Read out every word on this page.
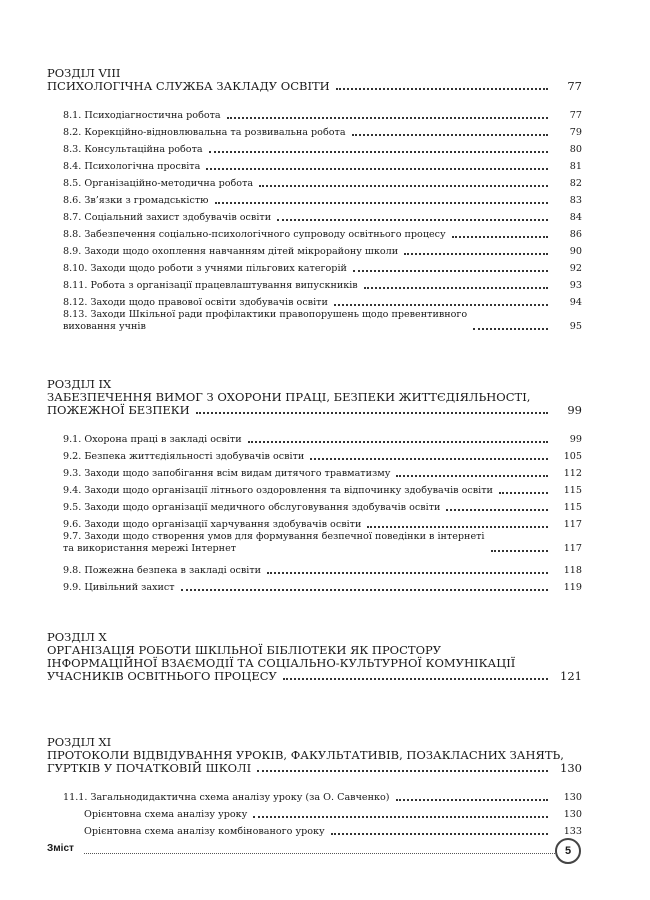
РОЗДІЛ VIII
ПСИХОЛОГІЧНА СЛУЖБА ЗАКЛАДУ ОСВІТИ	77
8.1. Психодіагностична робота	77
8.2. Корекційно-відновлювальна та розвивальна робота	79
8.3. Консультаційна робота	80
8.4. Психологічна просвіта	81
8.5. Організаційно-методична робота	82
8.6. Зв’язки з громадськістю	83
8.7. Соціальний захист здобувачів освіти	84
8.8. Забезпечення соціально-психологічного супроводу освітнього процесу	86
8.9. Заходи щодо охоплення навчанням дітей мікрорайону школи	90
8.10. Заходи щодо роботи з учнями пільгових категорій	92
8.11. Робота з організації працевлаштування випускників	93
8.12. Заходи щодо правової освіти здобувачів освіти	94
8.13. Заходи Шкільної ради профілактики правопорушень щодо превентивного
виховання учнів	95
РОЗДІЛ IX
ЗАБЕЗПЕЧЕННЯ ВИМОГ З ОХОРОНИ ПРАЦІ, БЕЗПЕКИ ЖИТТЄДІЯЛЬНОСТІ,
ПОЖЕЖНОЇ БЕЗПЕКИ	99
9.1. Охорона праці в закладі освіти	99
9.2. Безпека життєдіяльності здобувачів освіти	105
9.3. Заходи щодо запобігання всім видам дитячого травматизму	112
9.4. Заходи щодо організації літнього оздоровлення та відпочинку здобувачів освіти	115
9.5. Заходи щодо організації медичного обслуговування здобувачів освіти	115
9.6. Заходи щодо організації харчування здобувачів освіти	117
9.7. Заходи щодо створення умов для формування безпечної поведінки в інтернеті
та використання мережі Інтернет	117
9.8. Пожежна безпека в закладі освіти	118
9.9. Цивільний захист	119
РОЗДІЛ X
ОРГАНІЗАЦІЯ РОБОТИ ШКІЛЬНОЇ БІБЛІОТЕКИ ЯК ПРОСТОРУ
ІНФОРМАЦІЙНОЇ ВЗАЄМОДІЇ ТА СОЦІАЛЬНО-КУЛЬТУРНОЇ КОМУНІКАЦІЇ
УЧАСНИКІВ ОСВІТНЬОГО ПРОЦЕСУ	121
РОЗДІЛ XI
ПРОТОКОЛИ ВІДВІДУВАННЯ УРОКІВ, ФАКУЛЬТАТИВІВ, ПОЗАКЛАСНИХ ЗАНЯТЬ,
ГУРТКІВ У ПОЧАТКОВІЙ ШКОЛІ	130
11.1. Загальнодидактична схема аналізу уроку (за О. Савченко)	130
Орієнтовна схема аналізу уроку	130
Орієнтовна схема аналізу комбінованого уроку	133
Зміст	5
